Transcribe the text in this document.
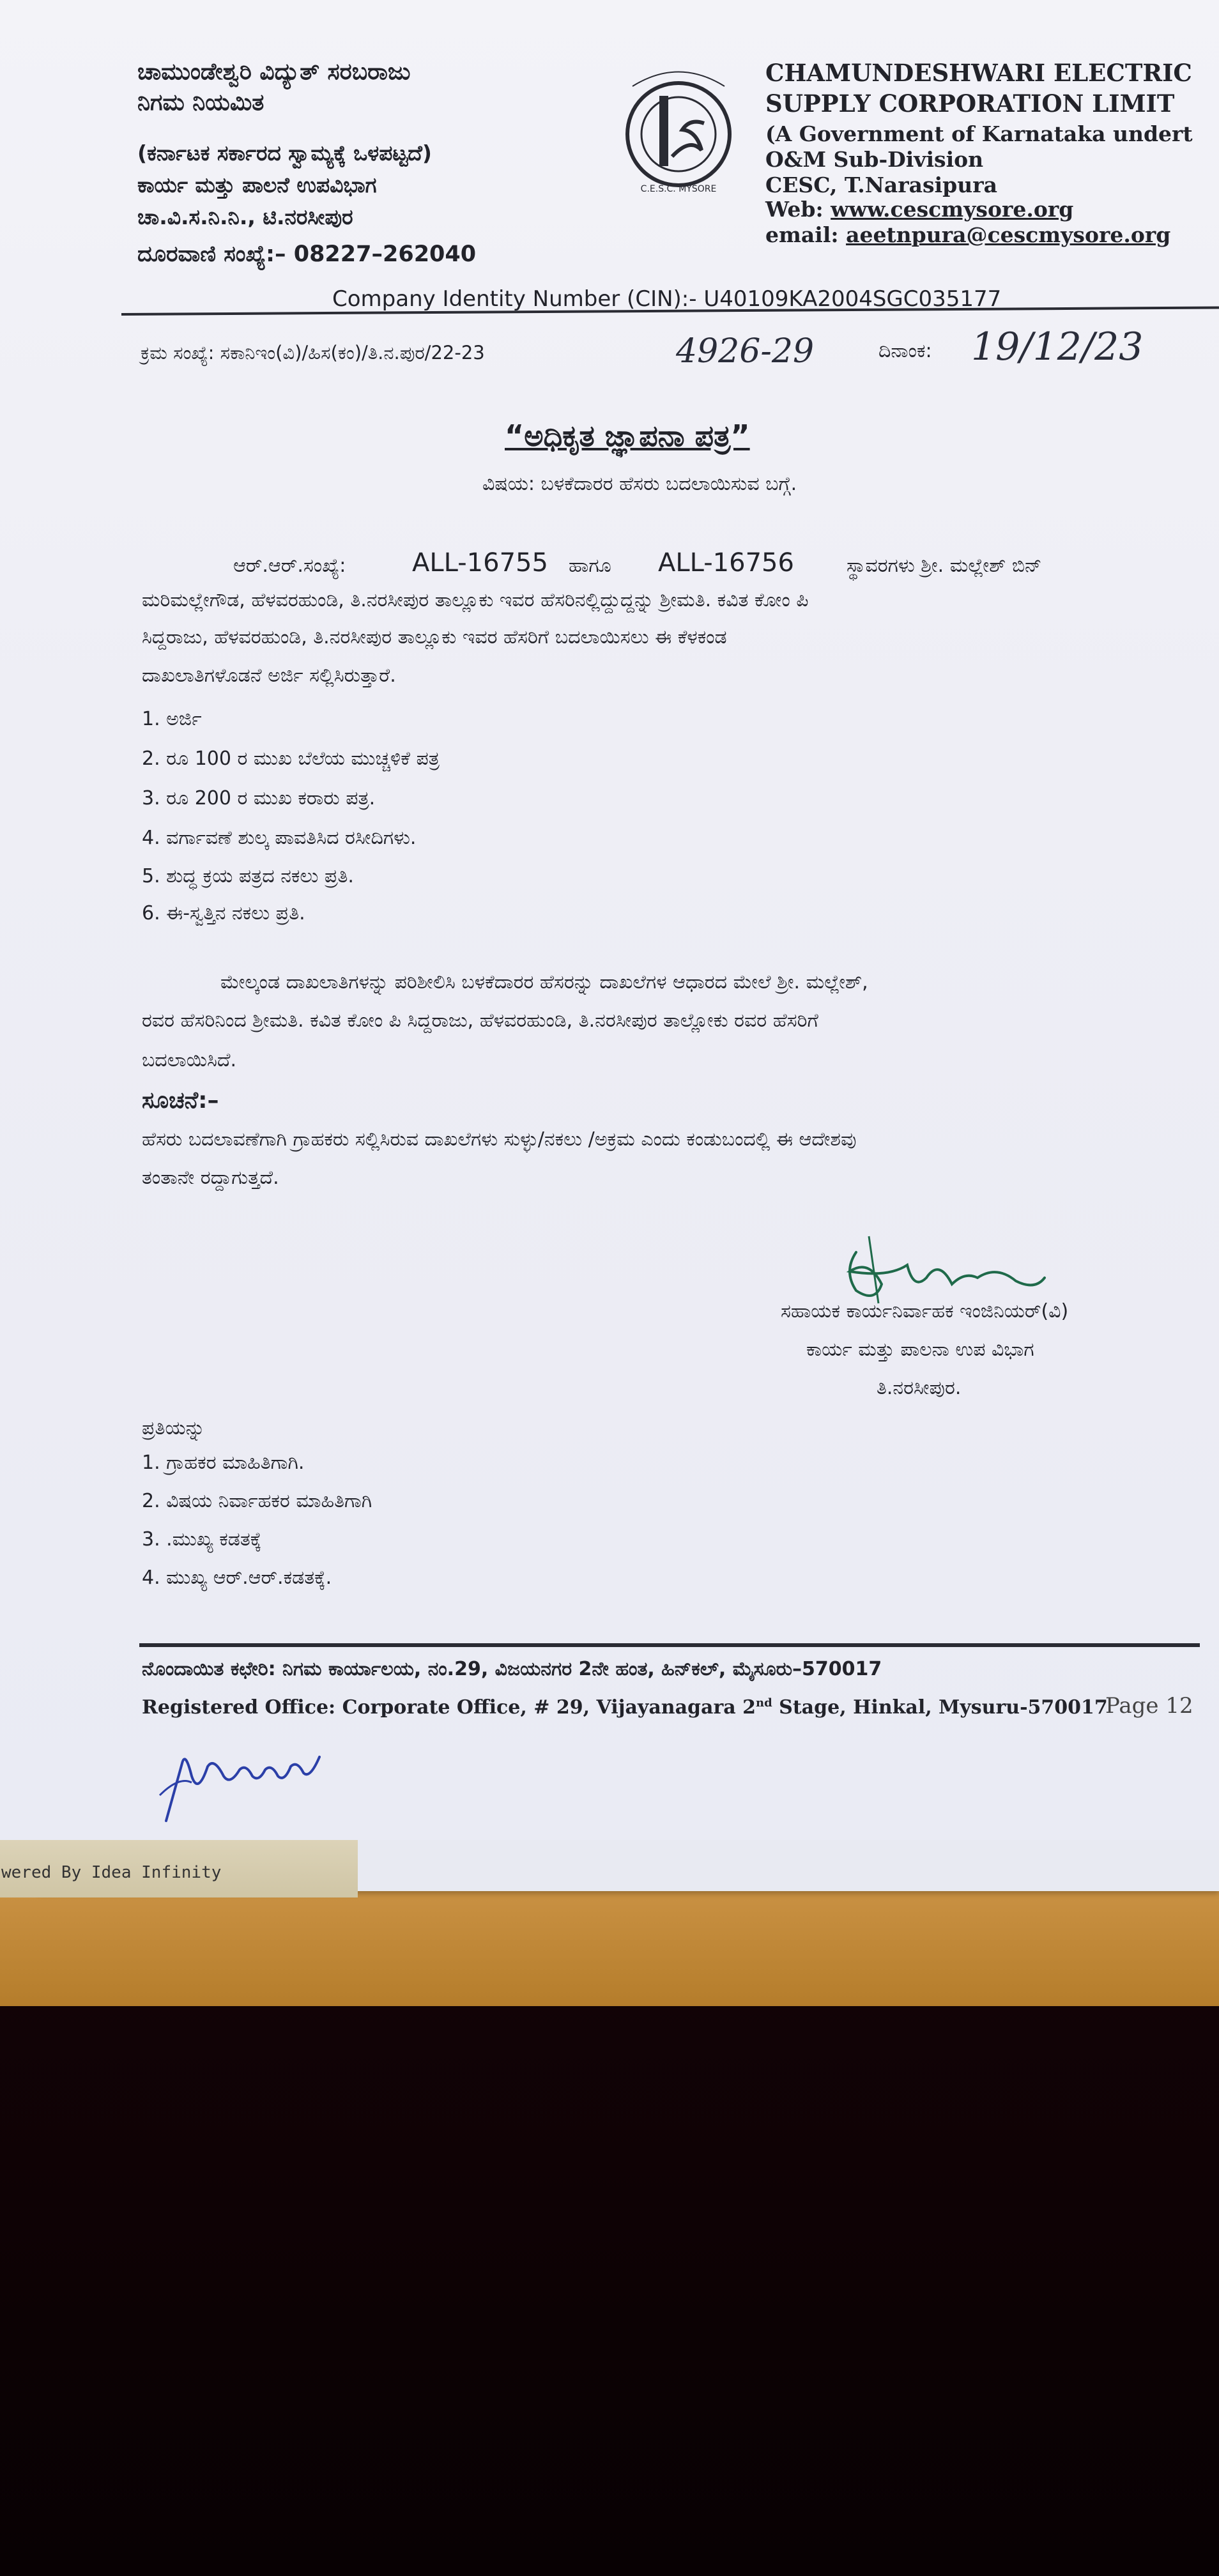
wered By Idea Infinity
ಚಾಮುಂಡೇಶ್ವರಿ ವಿದ್ಯುತ್ ಸರಬರಾಜು
ನಿಗಮ ನಿಯಮಿತ
(ಕರ್ನಾಟಕ ಸರ್ಕಾರದ ಸ್ವಾಮ್ಯಕ್ಕೆ ಒಳಪಟ್ಟದೆ)
ಕಾರ್ಯ ಮತ್ತು ಪಾಲನೆ ಉಪವಿಭಾಗ
ಚಾ.ವಿ.ಸ.ನಿ.ನಿ., ಟಿ.ನರಸೀಪುರ
ದೂರವಾಣಿ ಸಂಖ್ಯೆ:– 08227–262040
C.E.S.C. MYSORE
CHAMUNDESHWARI ELECTRIC
SUPPLY CORPORATION LIMIT
(A Government of Karnataka undert
O&M Sub-Division
CESC, T.Narasipura
Web: www.cescmysore.org
email: aeetnpura@cescmysore.org
Company Identity Number (CIN):- U40109KA2004SGC035177
ಕ್ರಮ ಸಂಖ್ಯೆ: ಸಕಾನಿಇಂ(ವಿ)/ಹಿಸ(ಕಂ)/ತಿ.ನ.ಪುರ/22-23	4926-29	ದಿನಾಂಕ: 19/12/23
“ಅಧಿಕೃತ ಜ್ಞಾಪನಾ ಪತ್ರ”
ವಿಷಯ: ಬಳಕೆದಾರರ ಹೆಸರು ಬದಲಾಯಿಸುವ ಬಗ್ಗೆ.
ಆರ್.ಆರ್.ಸಂಖ್ಯೆ:	ALL-16755 ಹಾಗೂ ALL-16756	ಸ್ಥಾವರಗಳು ಶ್ರೀ. ಮಲ್ಲೇಶ್ ಬಿನ್
ಮರಿಮಲ್ಲೇಗೌಡ, ಹೆಳವರಹುಂಡಿ, ತಿ.ನರಸೀಪುರ ತಾಲ್ಲೂಕು ಇವರ ಹೆಸರಿನಲ್ಲಿದ್ದುದ್ದನ್ನು ಶ್ರೀಮತಿ. ಕವಿತ ಕೋಂ ಪಿ
ಸಿದ್ದರಾಜು, ಹೆಳವರಹುಂಡಿ, ತಿ.ನರಸೀಪುರ ತಾಲ್ಲೂಕು ಇವರ ಹೆಸರಿಗೆ ಬದಲಾಯಿಸಲು ಈ ಕೆಳಕಂಡ
ದಾಖಲಾತಿಗಳೊಡನೆ ಅರ್ಜಿ ಸಲ್ಲಿಸಿರುತ್ತಾರೆ.
1. ಅರ್ಜಿ
2. ರೂ 100 ರ ಮುಖ ಬೆಲೆಯ ಮುಚ್ಚಳಿಕೆ ಪತ್ರ
3. ರೂ 200 ರ ಮುಖ ಕರಾರು ಪತ್ರ.
4. ವರ್ಗಾವಣೆ ಶುಲ್ಕ ಪಾವತಿಸಿದ ರಸೀದಿಗಳು.
5. ಶುದ್ಧ ಕ್ರಯ ಪತ್ರದ ನಕಲು ಪ್ರತಿ.
6. ಈ-ಸ್ವತ್ತಿನ ನಕಲು ಪ್ರತಿ.
ಮೇಲ್ಕಂಡ ದಾಖಲಾತಿಗಳನ್ನು ಪರಿಶೀಲಿಸಿ ಬಳಕೆದಾರರ ಹೆಸರನ್ನು ದಾಖಲೆಗಳ ಆಧಾರದ ಮೇಲೆ ಶ್ರೀ. ಮಲ್ಲೇಶ್,
ರವರ ಹೆಸರಿನಿಂದ ಶ್ರೀಮತಿ. ಕವಿತ ಕೋಂ ಪಿ ಸಿದ್ದರಾಜು, ಹೆಳವರಹುಂಡಿ, ತಿ.ನರಸೀಪುರ ತಾಲ್ಲೋಕು ರವರ ಹೆಸರಿಗೆ
ಬದಲಾಯಿಸಿದೆ.
ಸೂಚನೆ:–
ಹೆಸರು ಬದಲಾವಣೆಗಾಗಿ ಗ್ರಾಹಕರು ಸಲ್ಲಿಸಿರುವ ದಾಖಲೆಗಳು ಸುಳ್ಳು/ನಕಲು /ಅಕ್ರಮ ಎಂದು ಕಂಡುಬಂದಲ್ಲಿ ಈ ಆದೇಶವು
ತಂತಾನೇ ರದ್ದಾಗುತ್ತದೆ.
ಸಹಾಯಕ ಕಾರ್ಯನಿರ್ವಾಹಕ ಇಂಜಿನಿಯರ್(ವಿ)
ಕಾರ್ಯ ಮತ್ತು ಪಾಲನಾ ಉಪ ವಿಭಾಗ
ತಿ.ನರಸೀಪುರ.
ಪ್ರತಿಯನ್ನು
1. ಗ್ರಾಹಕರ ಮಾಹಿತಿಗಾಗಿ.
2. ವಿಷಯ ನಿರ್ವಾಹಕರ ಮಾಹಿತಿಗಾಗಿ
3. .ಮುಖ್ಯ ಕಡತಕ್ಕೆ
4. ಮುಖ್ಯ ಆರ್.ಆರ್.ಕಡತಕ್ಕೆ.
ನೊಂದಾಯಿತ ಕಛೇರಿ: ನಿಗಮ ಕಾರ್ಯಾಲಯ, ನಂ.29, ವಿಜಯನಗರ 2ನೇ ಹಂತ, ಹಿನ್‌ಕಲ್, ಮೈಸೂರು–570017
Registered Office: Corporate Office, # 29, Vijayanagara 2nd Stage, Hinkal, Mysuru-570017
Page 12
